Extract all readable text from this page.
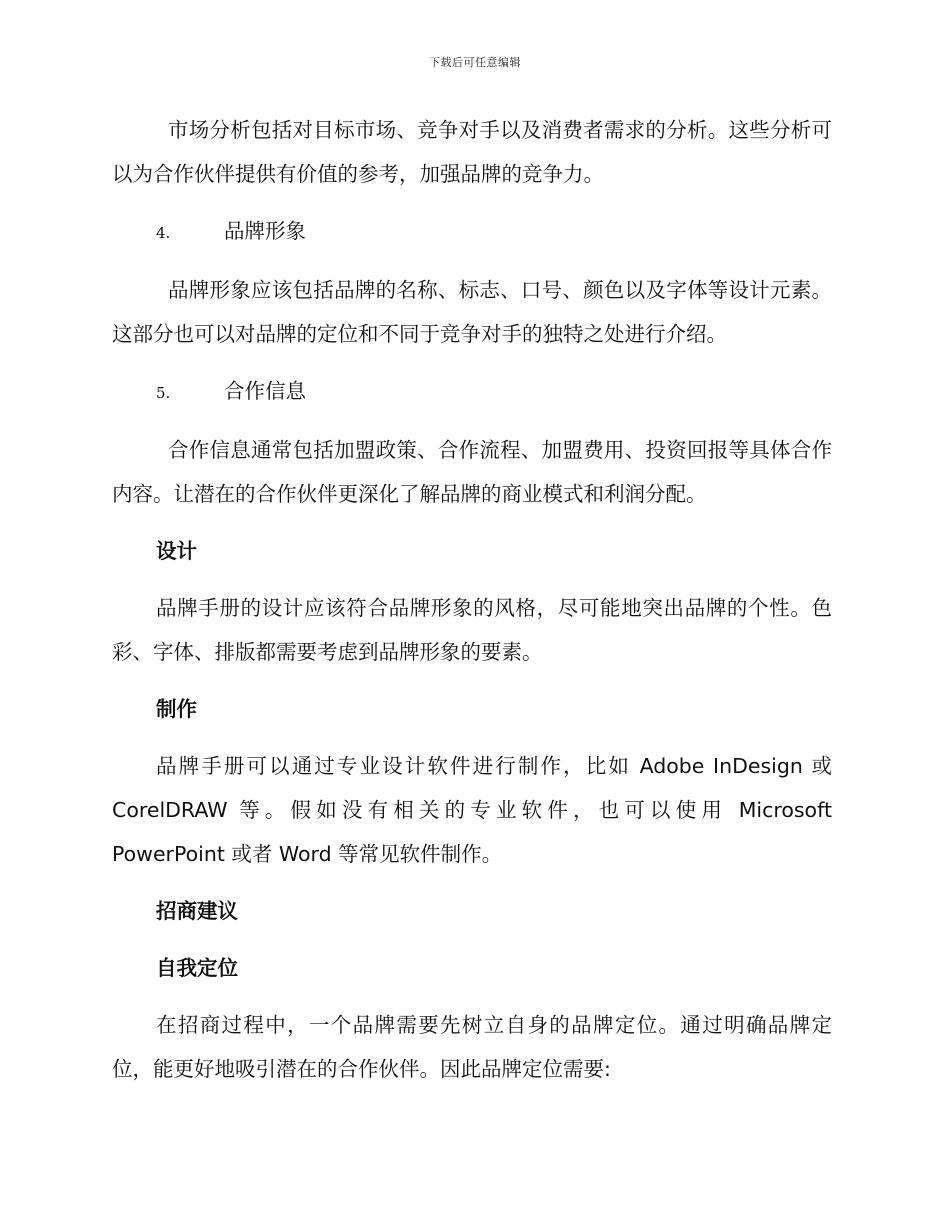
下载后可任意编辑

市场分析包括对目标市场、竞争对手以及消费者需求的分析。这些分析可以为合作伙伴提供有价值的参考，加强品牌的竞争力。

4.	品牌形象

品牌形象应该包括品牌的名称、标志、口号、颜色以及字体等设计元素。这部分也可以对品牌的定位和不同于竞争对手的独特之处进行介绍。

5.	合作信息

合作信息通常包括加盟政策、合作流程、加盟费用、投资回报等具体合作内容。让潜在的合作伙伴更深化了解品牌的商业模式和利润分配。

设计

品牌手册的设计应该符合品牌形象的风格，尽可能地突出品牌的个性。色彩、字体、排版都需要考虑到品牌形象的要素。

制作

品牌手册可以通过专业设计软件进行制作，比如 Adobe InDesign 或 CorelDRAW 等。假如没有相关的专业软件，也可以使用 Microsoft PowerPoint 或者 Word 等常见软件制作。

招商建议
自我定位

在招商过程中，一个品牌需要先树立自身的品牌定位。通过明确品牌定位，能更好地吸引潜在的合作伙伴。因此品牌定位需要:
